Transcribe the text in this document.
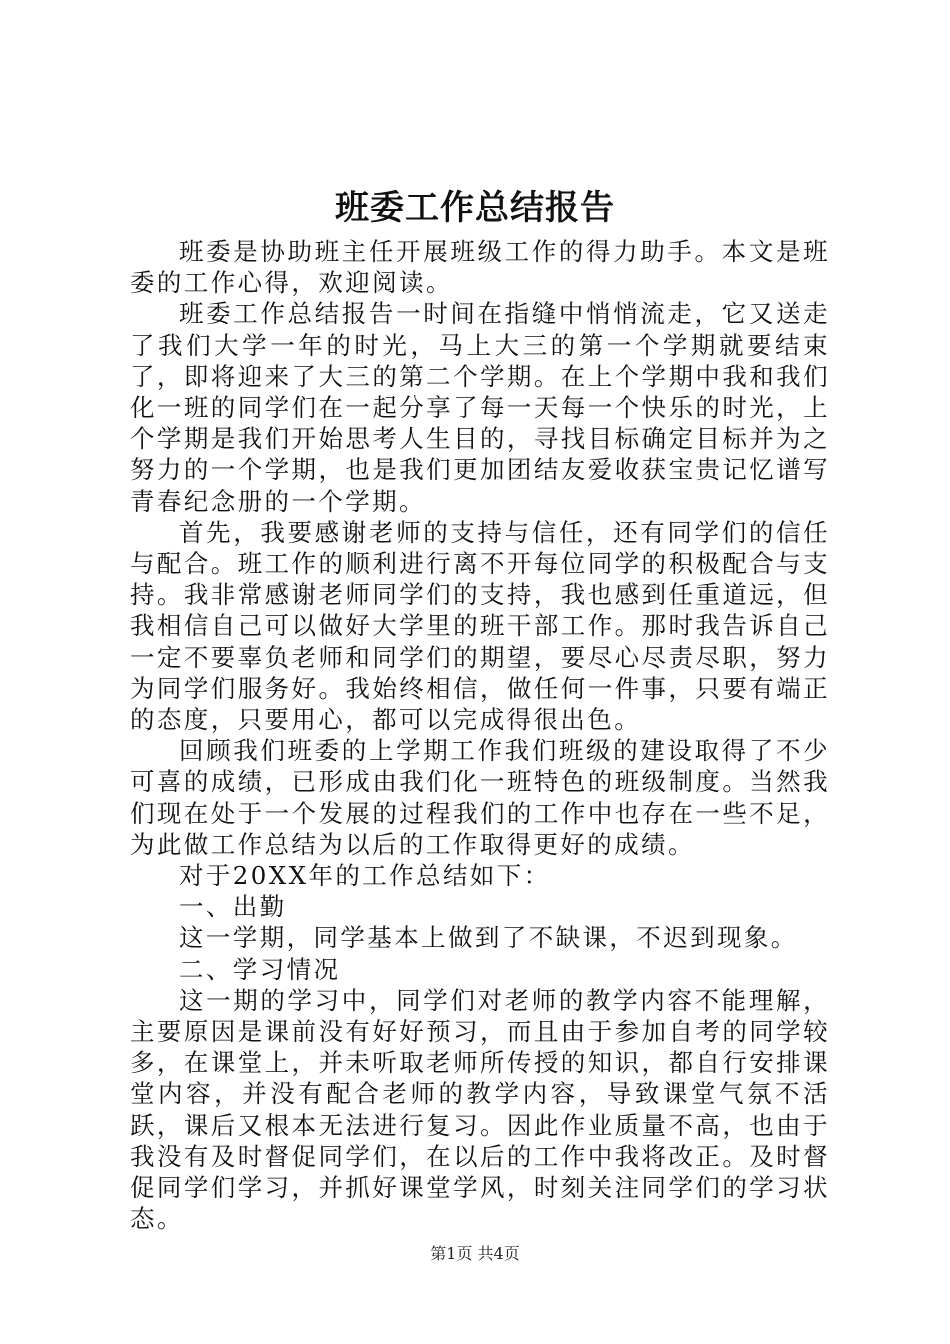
班委工作总结报告

班委是协助班主任开展班级工作的得力助手。本文是班委的工作心得，欢迎阅读。

班委工作总结报告一时间在指缝中悄悄流走，它又送走了我们大学一年的时光，马上大三的第一个学期就要结束了，即将迎来了大三的第二个学期。在上个学期中我和我们化一班的同学们在一起分享了每一天每一个快乐的时光，上个学期是我们开始思考人生目的，寻找目标确定目标并为之努力的一个学期，也是我们更加团结友爱收获宝贵记忆谱写青春纪念册的一个学期。

首先，我要感谢老师的支持与信任，还有同学们的信任与配合。班工作的顺利进行离不开每位同学的积极配合与支持。我非常感谢老师同学们的支持，我也感到任重道远，但我相信自己可以做好大学里的班干部工作。那时我告诉自己一定不要辜负老师和同学们的期望，要尽心尽责尽职，努力为同学们服务好。我始终相信，做任何一件事，只要有端正的态度，只要用心，都可以完成得很出色。

回顾我们班委的上学期工作我们班级的建设取得了不少可喜的成绩，已形成由我们化一班特色的班级制度。当然我们现在处于一个发展的过程我们的工作中也存在一些不足，为此做工作总结为以后的工作取得更好的成绩。

对于20XX年的工作总结如下：

一、出勤

这一学期，同学基本上做到了不缺课，不迟到现象。

二、学习情况

这一期的学习中，同学们对老师的教学内容不能理解，主要原因是课前没有好好预习，而且由于参加自考的同学较多，在课堂上，并未听取老师所传授的知识，都自行安排课堂内容，并没有配合老师的教学内容，导致课堂气氛不活跃，课后又根本无法进行复习。因此作业质量不高，也由于我没有及时督促同学们，在以后的工作中我将改正。及时督促同学们学习，并抓好课堂学风，时刻关注同学们的学习状态。

第1页 共4页
